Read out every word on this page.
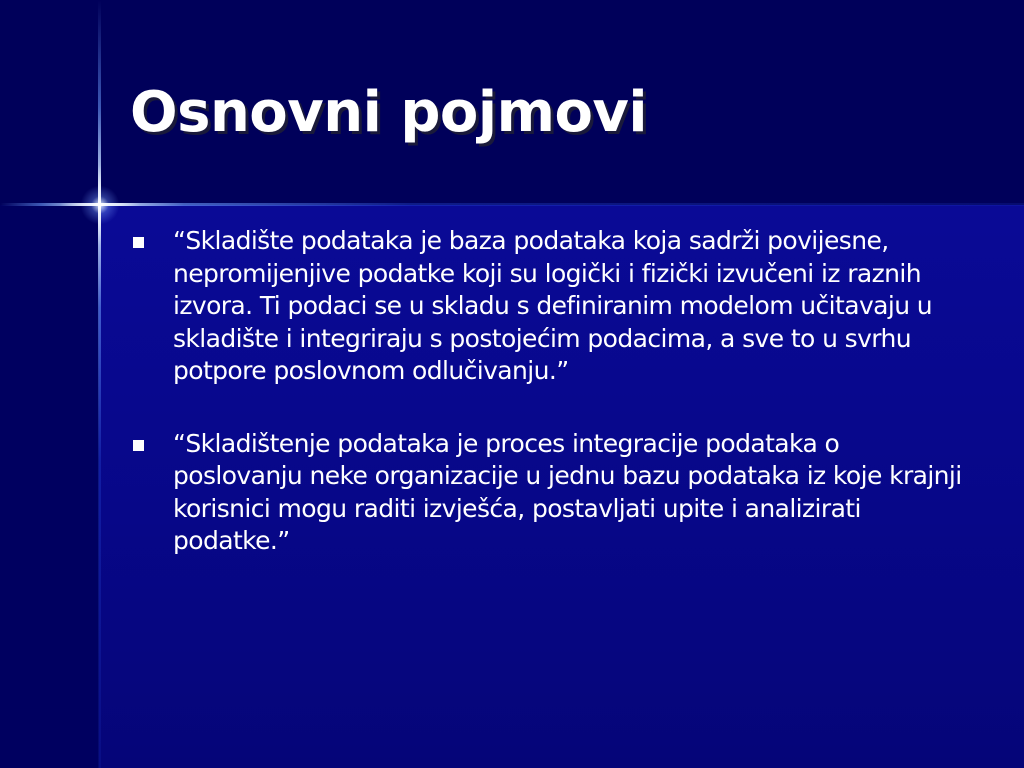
Osnovni pojmovi
“Skladište podataka je baza podataka koja sadrži povijesne, nepromijenjive podatke koji su logički i fizički izvučeni iz raznih izvora. Ti podaci se u skladu s definiranim modelom učitavaju u skladište i integriraju s postojećim podacima, a sve to u svrhu potpore poslovnom odlučivanju.”
“Skladištenje podataka je proces integracije podataka o poslovanju neke organizacije u jednu bazu podataka iz koje krajnji korisnici mogu raditi izvješća, postavljati upite i analizirati podatke.”
